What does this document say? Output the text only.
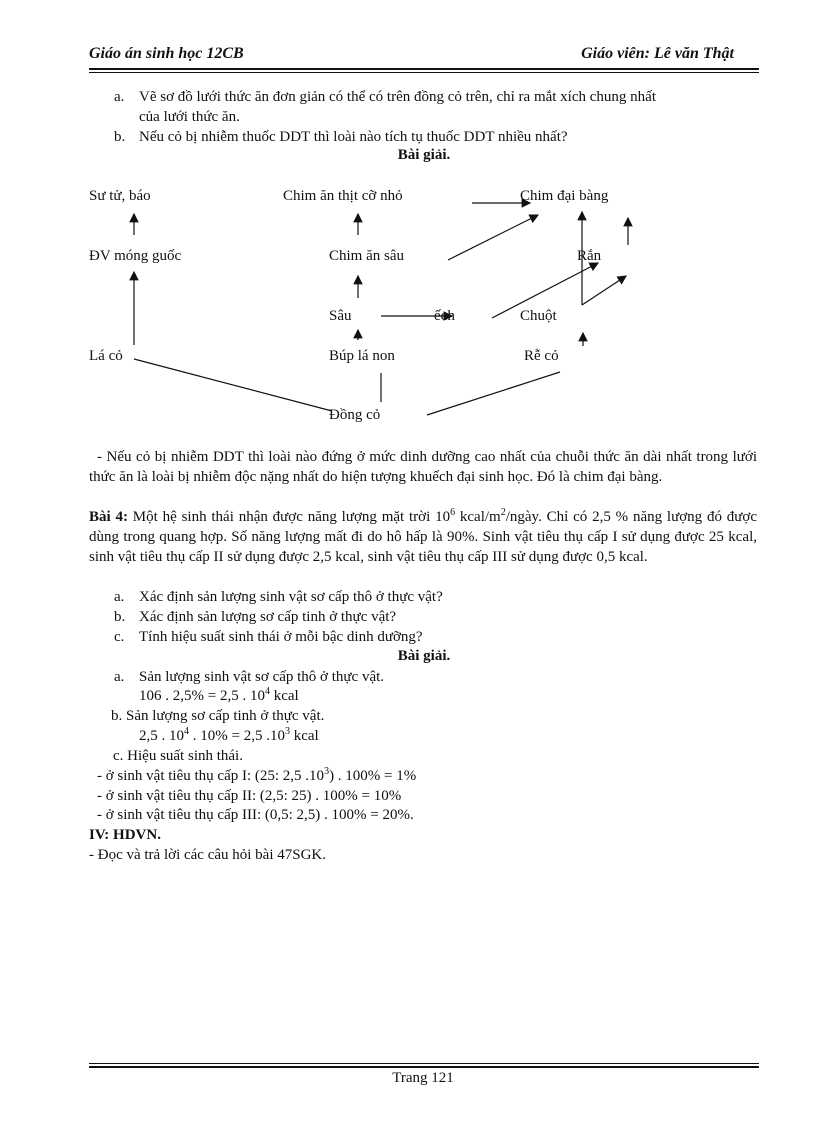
Giáo án sinh học 12CB	Giáo viên: Lê văn Thật
a. Vẽ sơ đồ lưới thức ăn đơn giản có thể có trên đồng cỏ trên, chỉ ra mắt xích chung nhất
của lưới thức ăn.
b. Nếu cỏ bị nhiễm thuốc DDT thì loài nào tích tụ thuốc DDT nhiều nhất?
Bài giải.
Sư tử, báo	Chim ăn thịt cỡ nhỏ	Chim đại bàng
ĐV móng guốc	Chim ăn sâu	Rắn
Sâu	ếch	Chuột
Lá cỏ	Búp lá non	Rễ cỏ
Đồng cỏ
- Nếu cỏ bị nhiễm DDT thì loài nào đứng ở mức dinh dưỡng cao nhất của chuỗi thức ăn dài nhất trong lưới thức ăn là loài bị nhiễm độc nặng nhất do hiện tượng khuếch đại sinh học. Đó là chim đại bàng.
Bài 4: Một hệ sinh thái nhận được năng lượng mặt trời $10^6$ kcal/$m^2$/ngày. Chỉ có 2,5 % năng lượng đó được dùng trong quang hợp. Số năng lượng mất đi do hô hấp là 90%. Sinh vật tiêu thụ cấp I sử dụng được 25 kcal, sinh vật tiêu thụ cấp II sử dụng được 2,5 kcal, sinh vật tiêu thụ cấp III sử dụng được 0,5 kcal.
a. Xác định sản lượng sinh vật sơ cấp thô ở thực vật?
b. Xác định sản lượng sơ cấp tinh ở thực vật?
c. Tính hiệu suất sinh thái ở mỗi bậc dinh dưỡng?
Bài giải.
a. Sản lượng sinh vật sơ cấp thô ở thực vật.
106 . 2,5% = 2,5 . $10^4$ kcal
b. Sản lượng sơ cấp tinh ở thực vật.
2,5 . $10^4$ . 10% = 2,5 $.10^3$ kcal
c. Hiệu suất sinh thái.
- ở sinh vật tiêu thụ cấp I: (25: 2,5 $.10^3$) . 100% = 1%
- ở sinh vật tiêu thụ cấp II: (2,5: 25) . 100% = 10%
- ở sinh vật tiêu thụ cấp III: (0,5: 2,5) . 100% = 20%.
IV: HDVN.
- Đọc và trả lời các câu hỏi bài 47SGK.
Trang 121
